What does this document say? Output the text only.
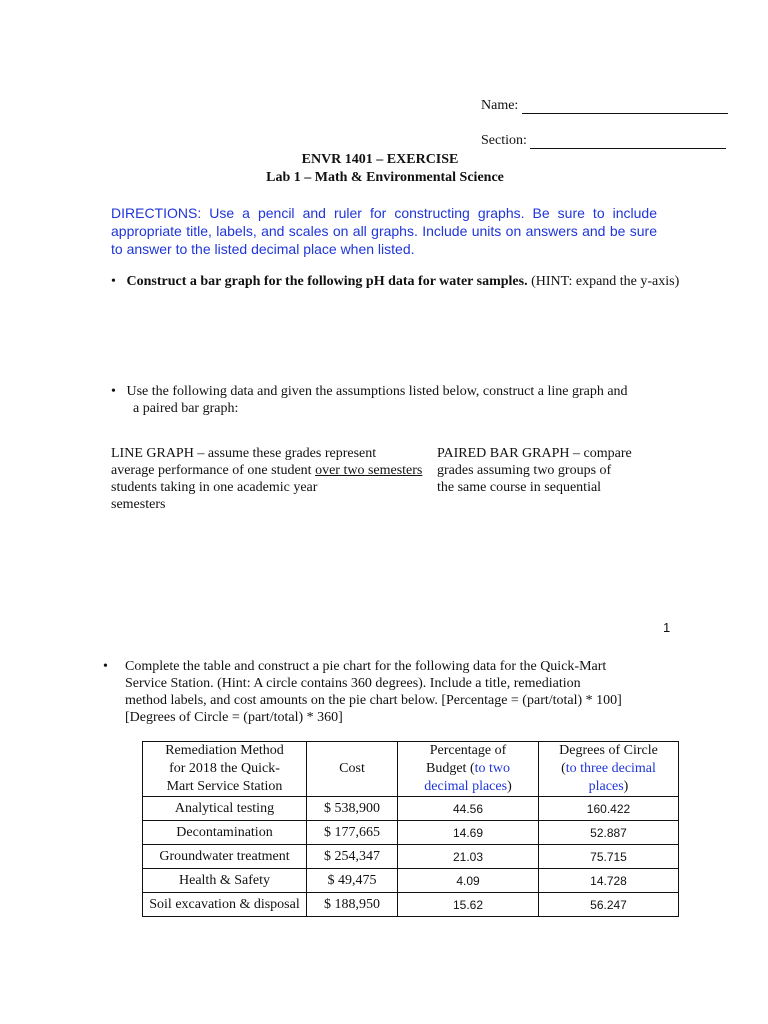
Name:
Section:
ENVR 1401 – EXERCISE
Lab 1 – Math & Environmental Science
DIRECTIONS: Use a pencil and ruler for constructing graphs. Be sure to include appropriate title, labels, and scales on all graphs. Include units on answers and be sure to answer to the listed decimal place when listed.
• Construct a bar graph for the following pH data for water samples. (HINT: expand the y-axis)
• Use the following data and given the assumptions listed below, construct a line graph and
a paired bar graph:
LINE GRAPH – assume these grades represent
average performance of one student over two semesters
students taking in one academic year
semesters
PAIRED BAR GRAPH – compare
grades assuming two groups of
the same course in sequential
1
• Complete the table and construct a pie chart for the following data for the Quick-Mart
Service Station. (Hint: A circle contains 360 degrees). Include a title, remediation
method labels, and cost amounts on the pie chart below. [Percentage = (part/total) * 100]
[Degrees of Circle = (part/total) * 360]
Remediation Method
for 2018 the Quick-
Mart Service Station	Cost	Percentage of
Budget (to two
decimal places)	Degrees of Circle
(to three decimal
places)
Analytical testing	$ 538,900	44.56	160.422
Decontamination	$ 177,665	14.69	52.887
Groundwater treatment	$ 254,347	21.03	75.715
Health & Safety	$ 49,475	4.09	14.728
Soil excavation & disposal	$ 188,950	15.62	56.247
